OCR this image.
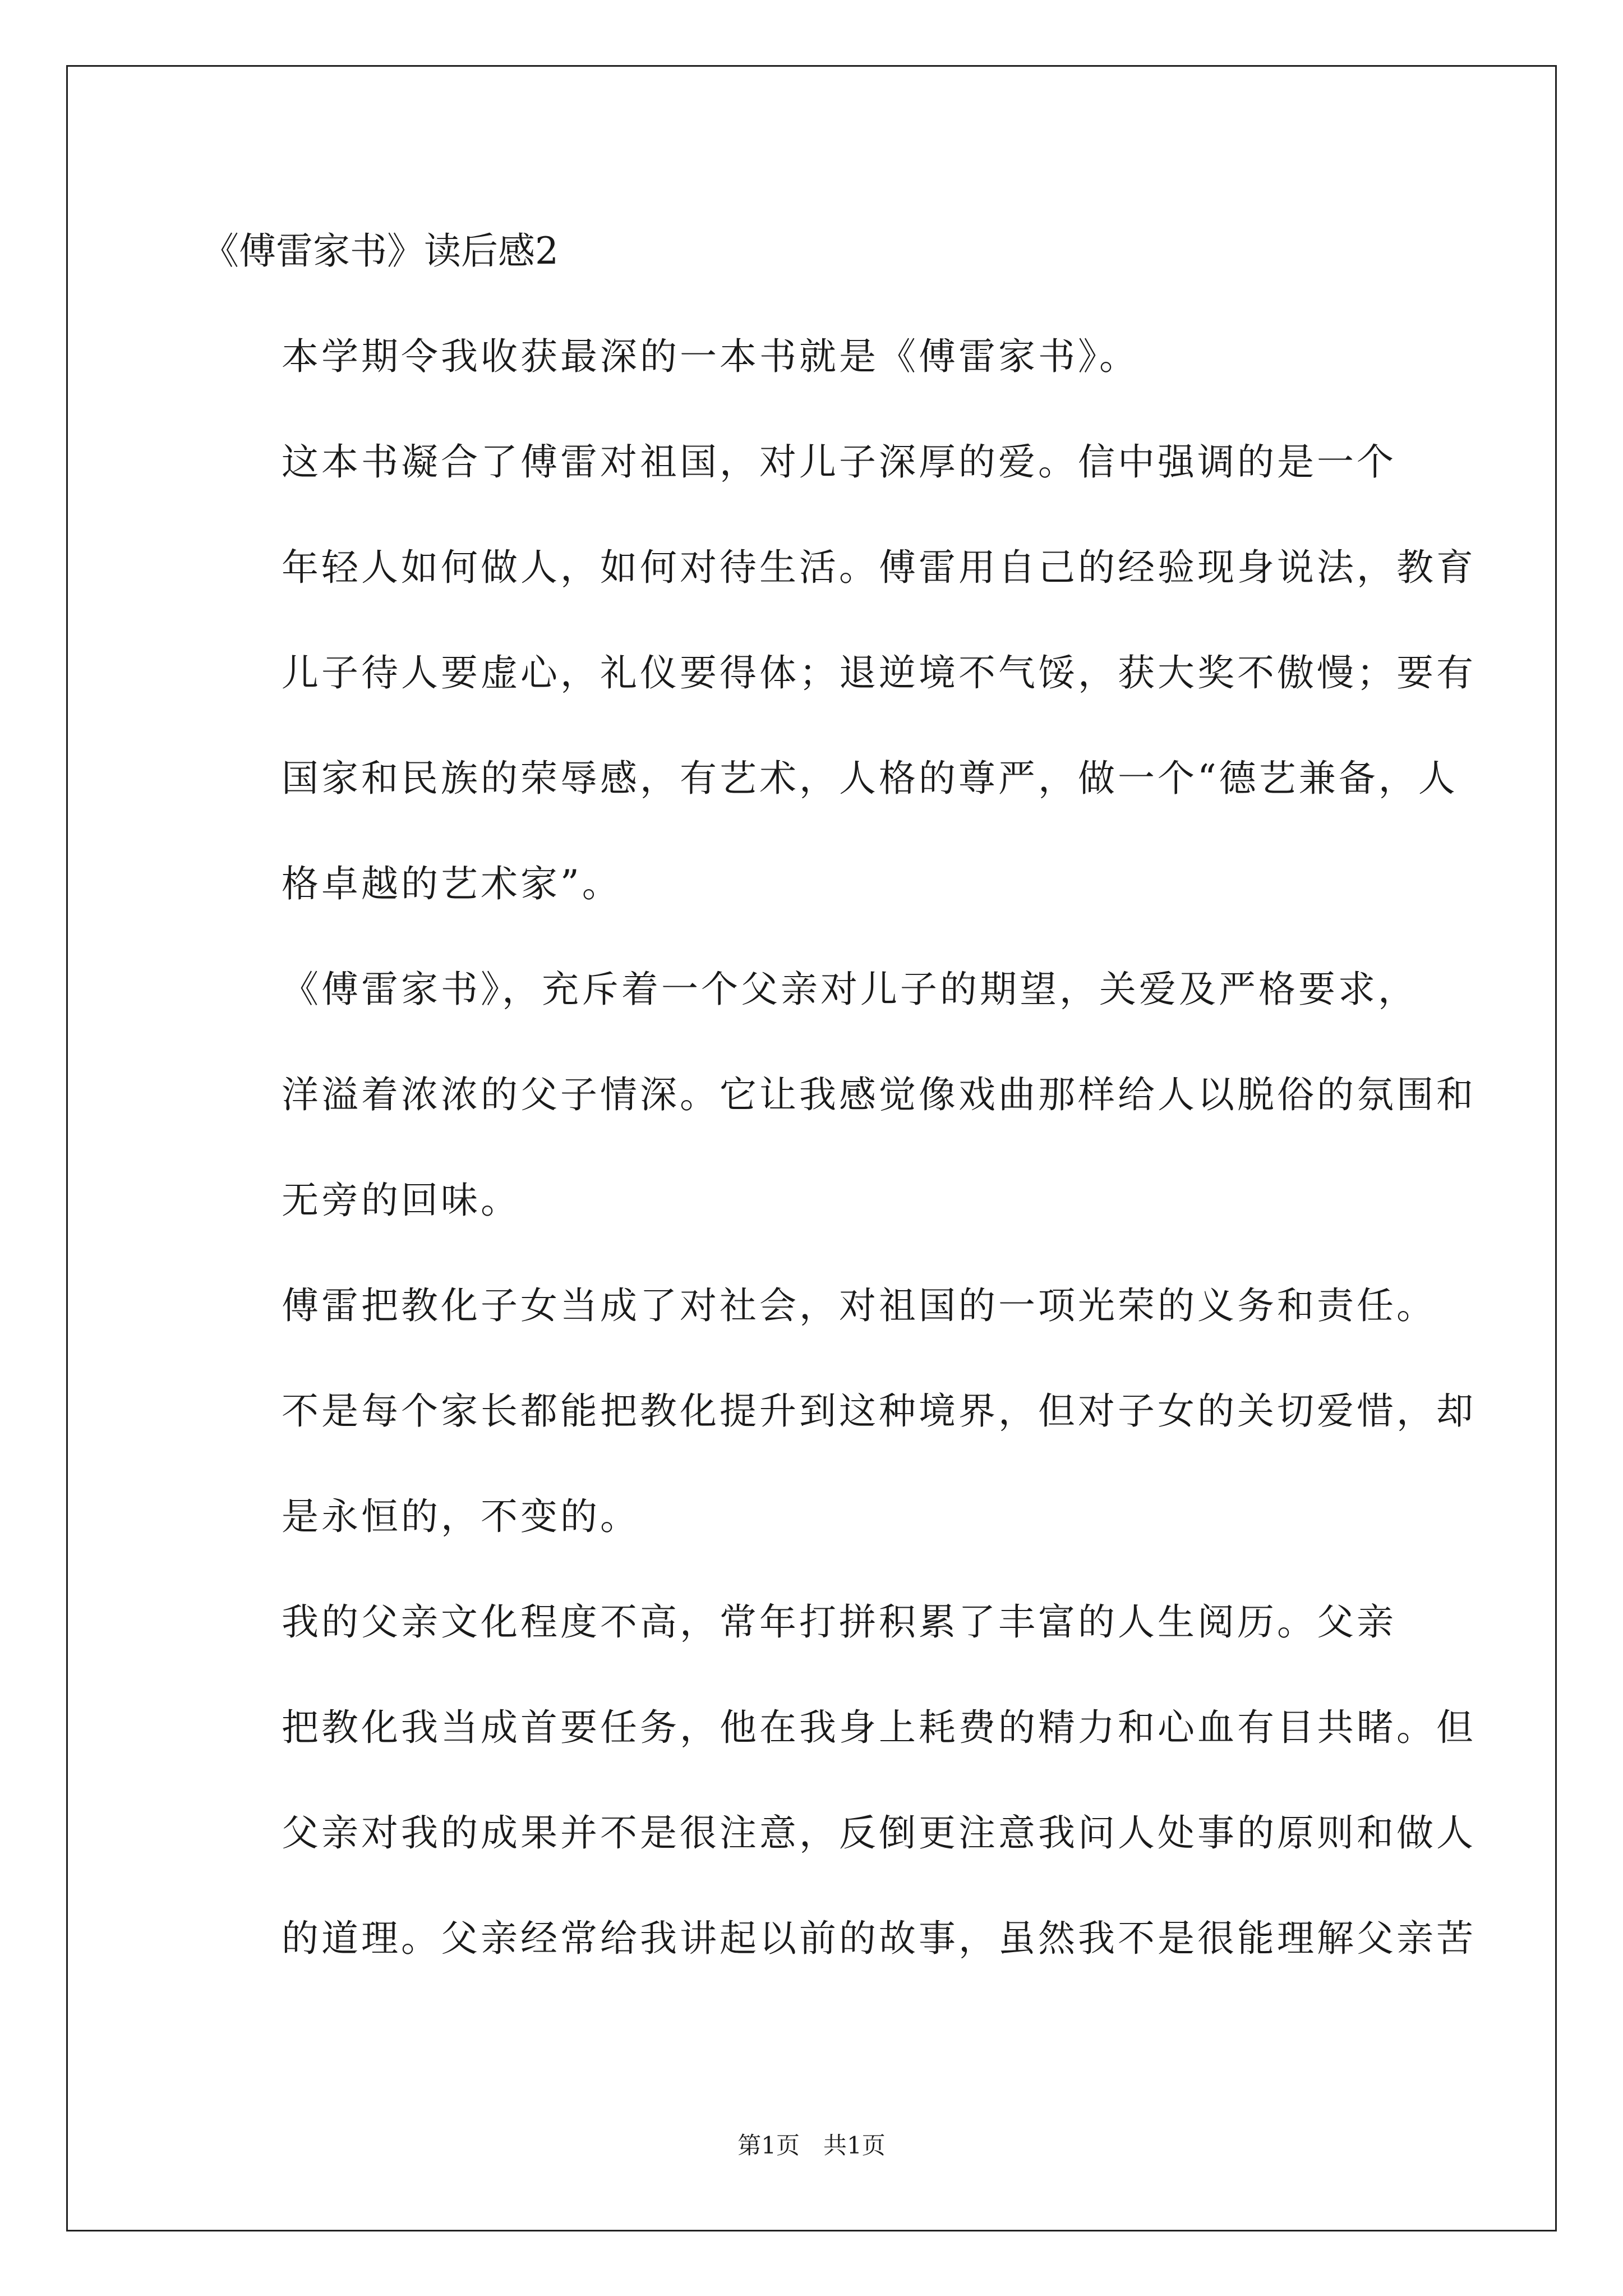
《傅雷家书》读后感2

本学期令我收获最深的一本书就是《傅雷家书》。

这本书凝合了傅雷对祖国，对儿子深厚的爱。信中强调的是一个
年轻人如何做人，如何对待生活。傅雷用自己的经验现身说法，教育
儿子待人要虚心，礼仪要得体；退逆境不气馁，获大奖不傲慢；要有
国家和民族的荣辱感，有艺术，人格的尊严，做一个“德艺兼备，人
格卓越的艺术家”。

《傅雷家书》，充斥着一个父亲对儿子的期望，关爱及严格要求，
洋溢着浓浓的父子情深。它让我感觉像戏曲那样给人以脱俗的氛围和
无旁的回味。

傅雷把教化子女当成了对社会，对祖国的一项光荣的义务和责任。
不是每个家长都能把教化提升到这种境界，但对子女的关切爱惜，却
是永恒的，不变的。

我的父亲文化程度不高，常年打拼积累了丰富的人生阅历。父亲
把教化我当成首要任务，他在我身上耗费的精力和心血有目共睹。但
父亲对我的成果并不是很注意，反倒更注意我问人处事的原则和做人
的道理。父亲经常给我讲起以前的故事，虽然我不是很能理解父亲苦

第1页　共1页
